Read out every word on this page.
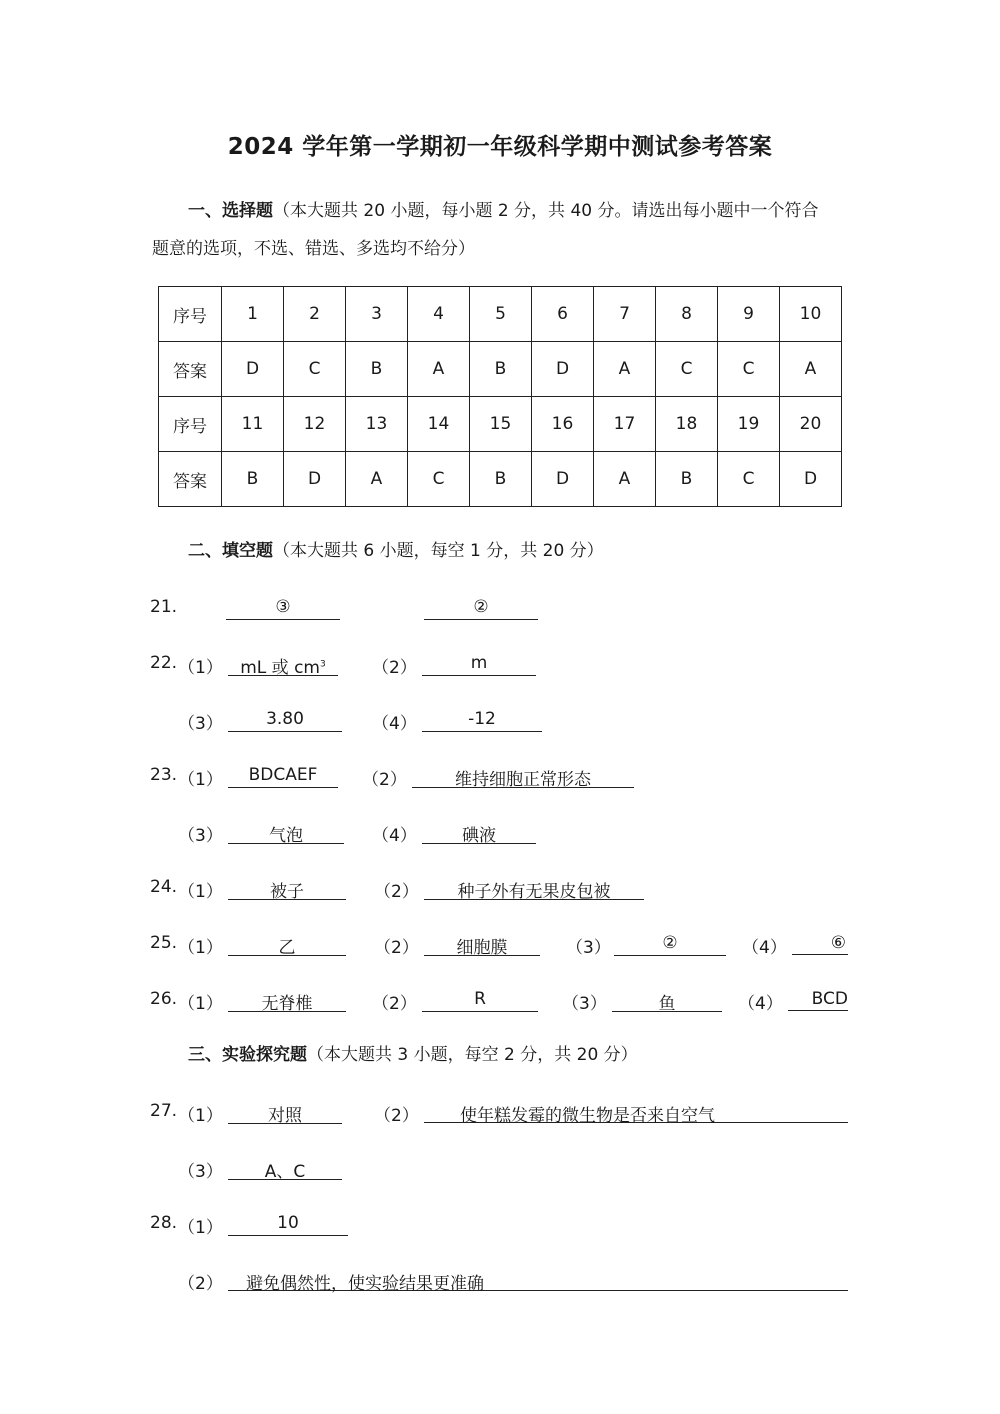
2024 学年第一学期初一年级科学期中测试参考答案
一、选择题（本大题共 20 小题，每小题 2 分，共 40 分。请选出每小题中一个符合
题意的选项，不选、错选、多选均不给分）
序号	1	2	3	4	5	6	7	8	9	10
答案	D	C	B	A	B	D	A	C	C	A
序号	11	12	13	14	15	16	17	18	19	20
答案	B	D	A	C	B	D	A	B	C	D
二、填空题（本大题共 6 小题，每空 1 分，共 20 分）
21.	③	②
22. （1）	mL 或 $cm^3$	（2）	m
（3）	3.80	（4）	-12
23. （1）	BDCAEF	（2）	维持细胞正常形态
（3）	气泡	（4）	碘液
24. （1）	被子	（2）	种子外有无果皮包被
25. （1）	乙	（2）	细胞膜	（3）	②	（4）	⑥
26. （1）	无脊椎	（2）	R	（3）	鱼	（4）	BCD
三、实验探究题（本大题共 3 小题，每空 2 分，共 20 分）
27. （1）	对照	（2）	使年糕发霉的微生物是否来自空气
（3）	A、C
28. （1）	10
（2）	避免偶然性，使实验结果更准确
